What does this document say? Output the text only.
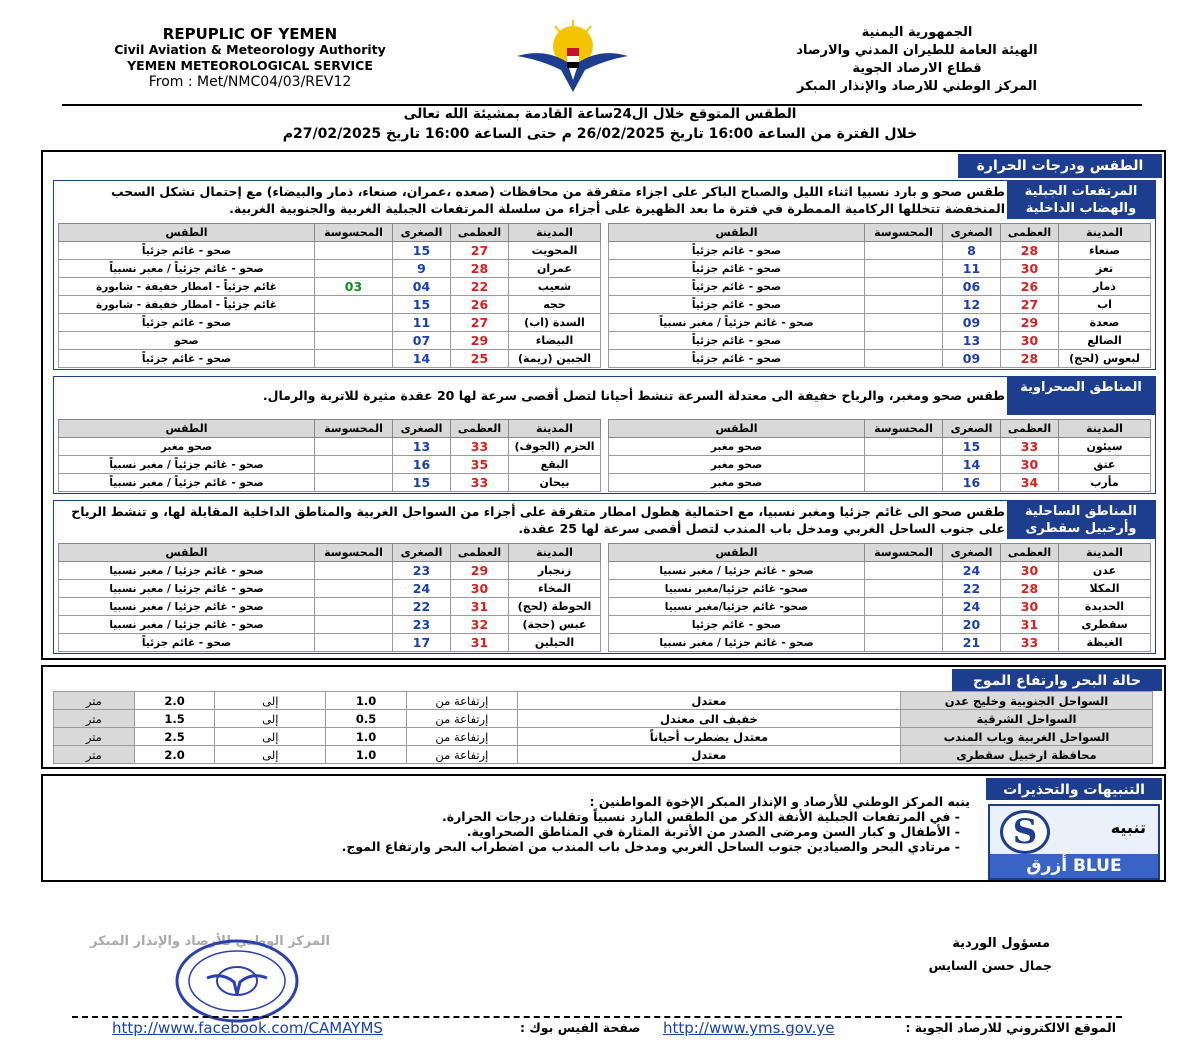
REPUPLIC OF YEMEN
Civil Aviation & Meteorology Authority
YEMEN METEOROLOGICAL SERVICE
From : Met/NMC04/03/REV12
الجمهورية اليمنية
الهيئة العامة للطيران المدني والارصاد
قطاع الارصاد الجوية
المركز الوطني للارصاد والإنذار المبكر
الطقس المتوقع خلال ال24ساعة القادمة بمشيئة الله تعالى
خلال الفترة من الساعة 16:00 تاريخ 26/02/2025 م حتى الساعة 16:00 تاريخ 27/02/2025م
الطقس ودرجات الحرارة
المرتفعات الجبلية والهضاب الداخلية
طقس صحو و بارد نسبيا اثناء الليل والصباح الباكر على اجزاء متفرقة من محافظات (صعده ،عمران، صنعاء، ذمار والبيضاء) مع إحتمال تشكل السحب المنخفضة تتخللها الركامية الممطرة في فترة ما بعد الظهيرة على أجزاء من سلسلة المرتفعات الجبلية الغربية والجنوبية الغربية.
المدينة	العظمى	الصغرى	المحسوسة	الطقس
صنعاء	28	8		صحو - غائم جزئياً
تعز	30	11		صحو - غائم جزئياً
ذمار	26	06		صحو - غائم جزئياً
اب	27	12		صحو - غائم جزئياً
صعدة	29	09		صحو - غائم جزئياً / مغبر نسبياً
الضالع	30	13		صحو - غائم جزئياً
لبعوس (لحج)	28	09		صحو - غائم جزئياً
المدينة	العظمى	الصغرى	المحسوسة	الطقس
المحويت	27	15		صحو - غائم جزئياً
عمران	28	9		صحو - غائم جزئياً / مغبر نسبياً
شعيب	22	04	03	غائم جزئياً - امطار خفيفة - شابورة
حجه	26	15		غائم جزئياً - امطار خفيفة - شابورة
السدة (اب)	27	11		صحو - غائم جزئياً
البيضاء	29	07		صحو
الجبين (ريمة)	25	14		صحو - غائم جزئياً
المناطق الصحراوية
طقس صحو ومغبر، والرياح خفيفة الى معتدلة السرعة تنشط أحيانا لتصل أقصى سرعة لها 20 عقدة مثيرة للاتربة والرمال.
المدينة	العظمى	الصغرى	المحسوسة	الطقس
سيئون	33	15		صحو مغبر
عتق	30	14		صحو مغبر
مأرب	34	16		صحو مغبر
المدينة	العظمى	الصغرى	المحسوسة	الطقس
الحزم (الجوف)	33	13		صحو مغبر
البقع	35	16		صحو - غائم جزئياً / مغبر نسبياً
بيحان	33	15		صحو - غائم جزئياً / مغبر نسبياً
المناطق الساحلية وأرخبيل سقطرى
طقس صحو الى غائم جزئيا ومغبر نسبيا، مع احتمالية هطول امطار متفرقة على أجزاء من السواحل الغربية والمناطق الداخلية المقابلة لها، و تنشط الرياح على جنوب الساحل الغربي ومدخل باب المندب لتصل أقصى سرعة لها 25 عقدة.
المدينة	العظمى	الصغرى	المحسوسة	الطقس
عدن	30	24		صحو - غائم جزئيا / مغبر نسبيا
المكلا	28	22		صحو- غائم جزئيا/مغبر نسبيا
الحديدة	30	24		صحو- غائم جزئيا/مغبر نسبيا
سقطرى	31	20		صحو - غائم جزئيا
الغيظة	33	21		صحو - غائم جزئيا / مغبر نسبيا
المدينة	العظمى	الصغرى	المحسوسة	الطقس
زنجبار	29	23		صحو - غائم جزئيا / مغبر نسبيا
المخاء	30	24		صحو - غائم جزئيا / مغبر نسبيا
الحوطة (لحج)	31	22		صحو - غائم جزئيا / مغبر نسبيا
عبس (حجة)	32	23		صحو - غائم جزئيا / مغبر نسبيا
الحيلين	31	17		صحو - غائم جزئياً
حالة البحر وارتفاع الموج
السواحل الجنوبية وخليج عدن	معتدل	إرتفاعة من	1.0	إلى	2.0	متر
السواحل الشرقية	خفيف الى معتدل	إرتفاعة من	0.5	إلى	1.5	متر
السواحل الغربية وباب المندب	معتدل يضطرب أحياناً	إرتفاعة من	1.0	إلى	2.5	متر
محافظة ارخبيل سقطرى	معتدل	إرتفاعة من	1.0	إلى	2.0	متر
التنبيهات والتحذيرات
S	تنبيه
BLUE أزرق
ينبه المركز الوطني للأرصاد و الإنذار المبكر الإخوة المواطنين :
- في المرتفعات الجبلية الأنفة الذكر من الطقس البارد نسبياً وتقلبات درجات الحرارة.
- الأطفال و كبار السن ومرضى الصدر من الأتربة المثارة في المناطق الصحراوية.
- مرتادي البحر والصيادين جنوب الساحل الغربي ومدخل باب المندب من اضطراب البحر وارتفاع الموج.
المركز الوطني للأرصاد والإنذار المبكر	مسؤول الوردية
جمال حسن السايس
الموقع الالكتروني للارصاد الجوية :
http://www.yms.gov.ye
صفحة الفيس بوك :
http://www.facebook.com/CAMAYMS
